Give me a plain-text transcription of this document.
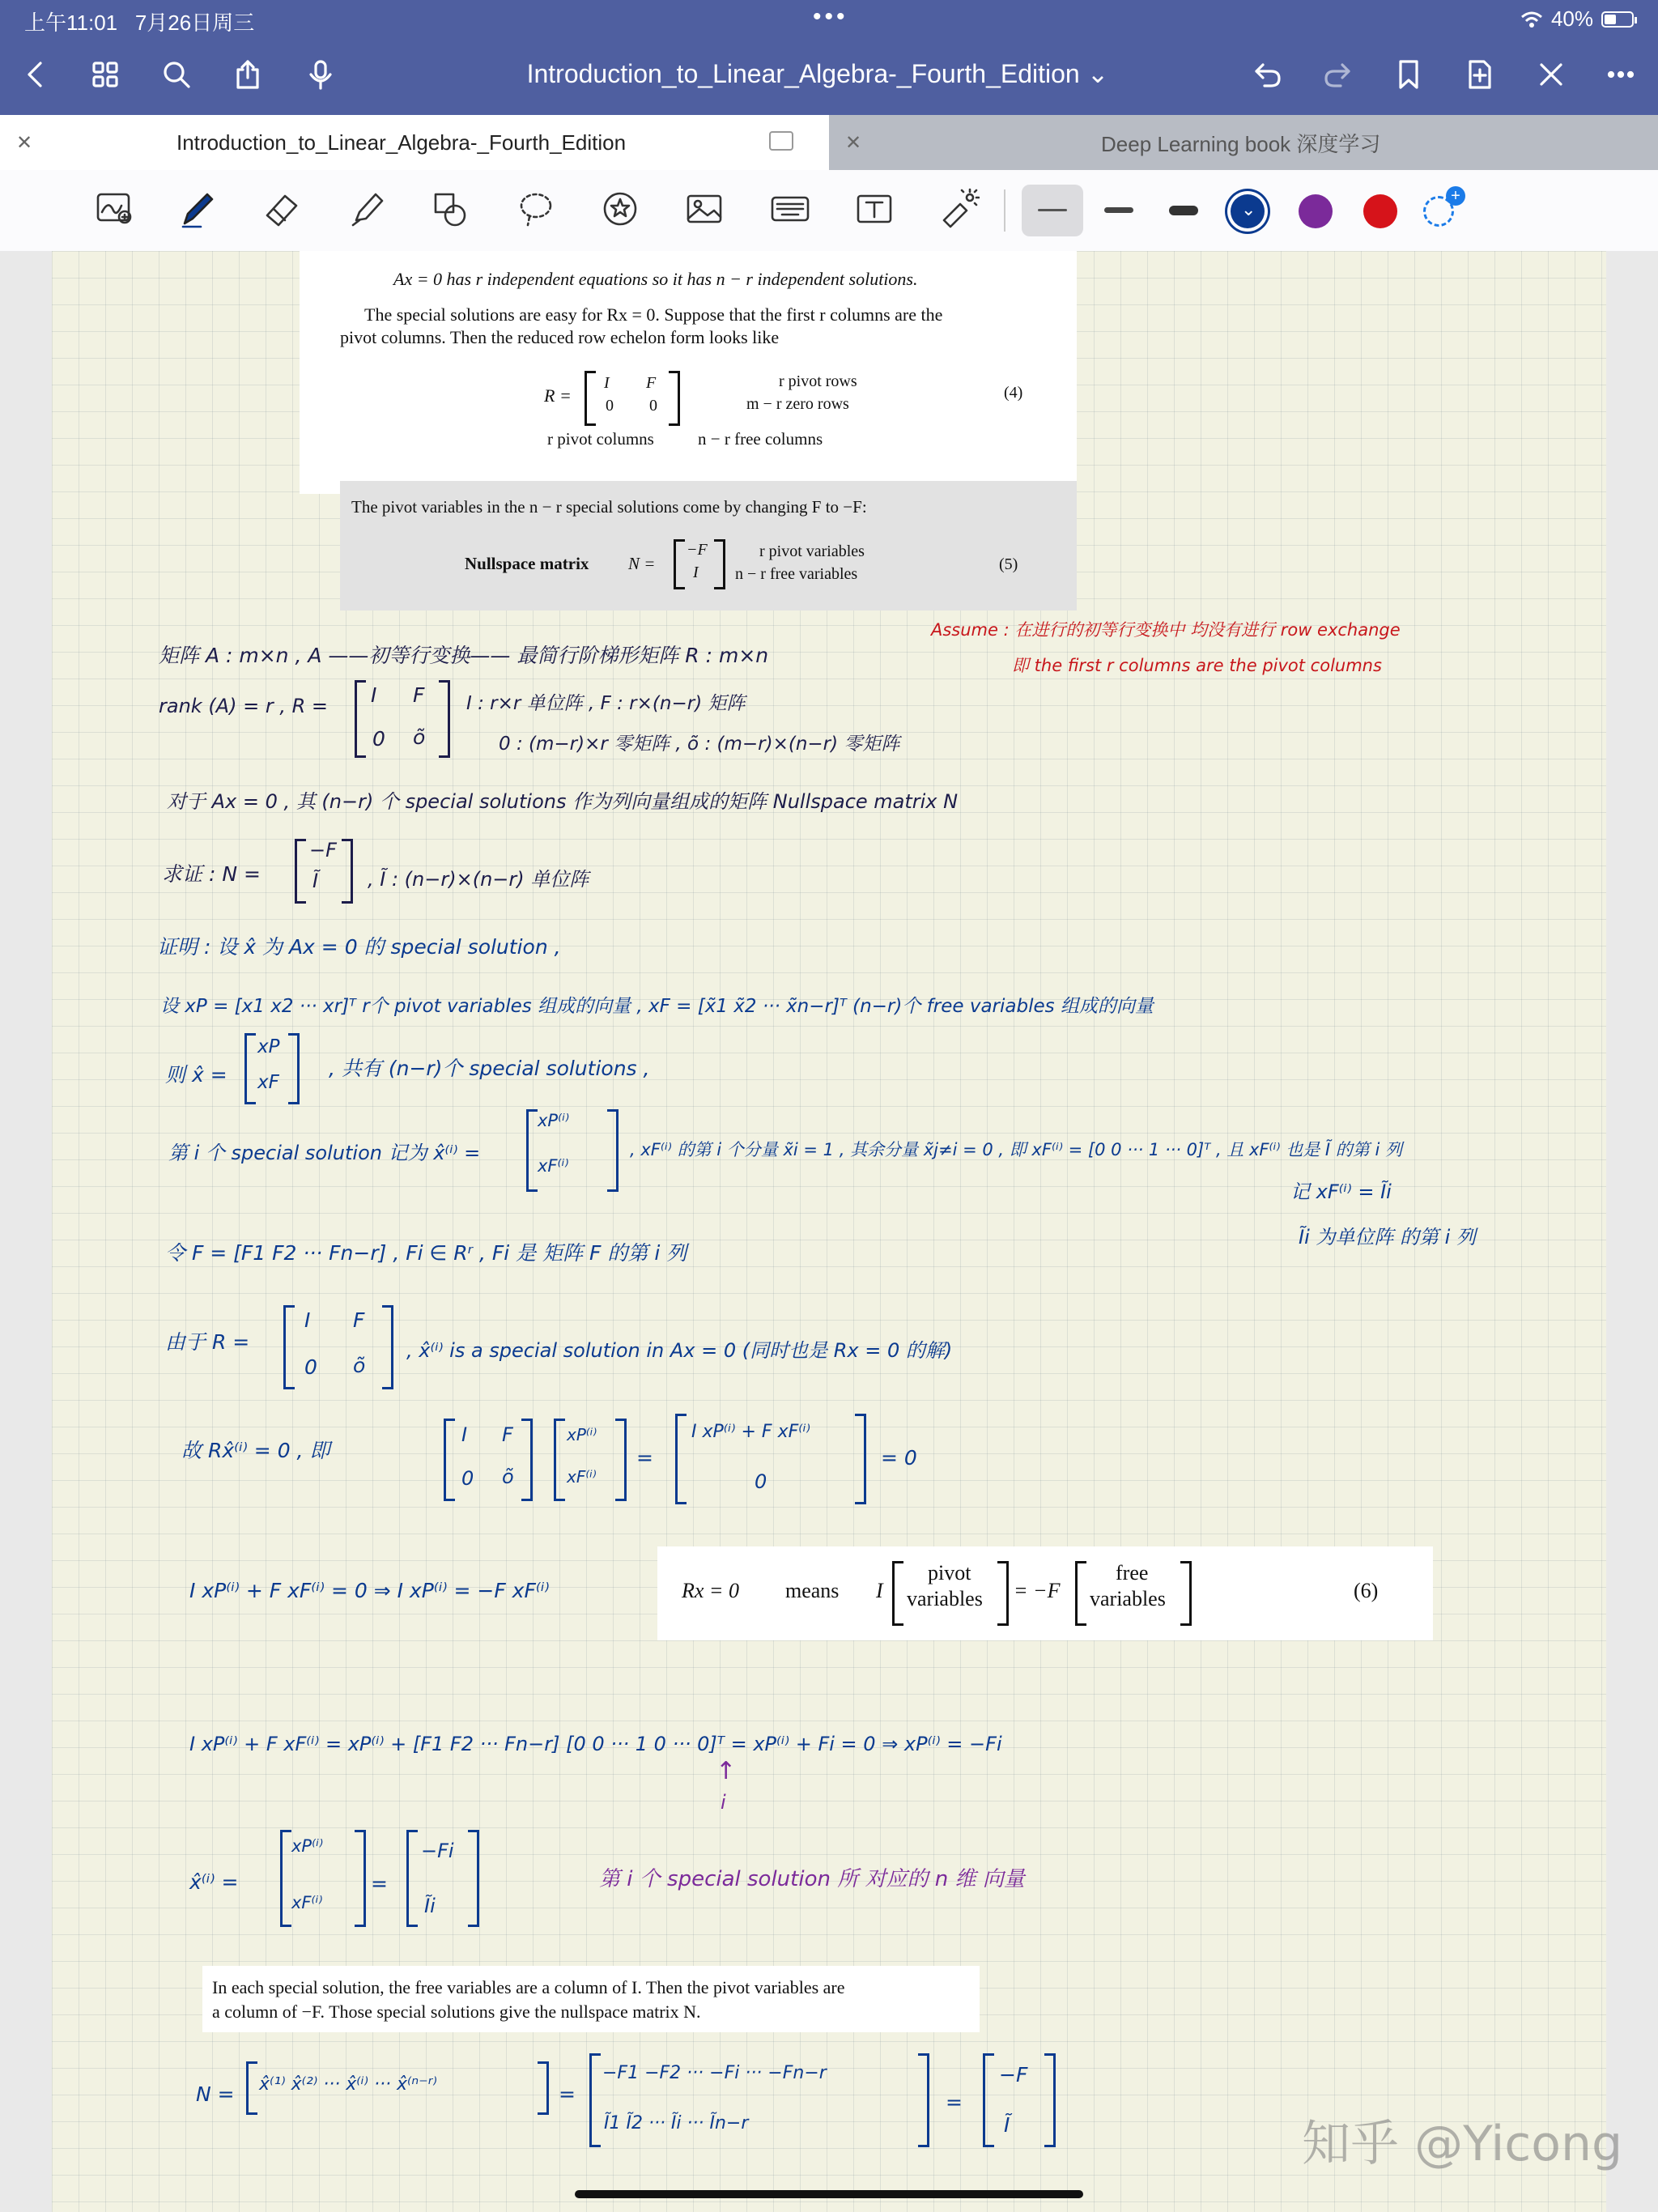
上午11:01 7月26日周三	•••	40%
Introduction_to_Linear_Algebra-_Fourth_Edition ⌄
✕	Introduction_to_Linear_Algebra-_Fourth_Edition	✕	Deep Learning book 深度学习
⌄
+
Ax = 0 has r independent equations so it has n − r independent solutions.
The special solutions are easy for Rx = 0. Suppose that the first r columns are the
pivot columns. Then the reduced row echelon form looks like
R =
I F
0 0
r pivot rows
m − r zero rows
(4)
r pivot columns	n − r free columns
The pivot variables in the n − r special solutions come by changing F to −F:
Nullspace matrix N =
−F
I
r pivot variables
n − r free variables
(5)
Assume : 在进行的初等行变换中 均没有进行 row exchange
即 the first r columns are the pivot columns
矩阵 A : m×n , A ——初等行变换—— 最简行阶梯形矩阵 R : m×n
rank (A) = r , R = I F
0 õ
I : r×r 单位阵 , F : r×(n−r) 矩阵
0 : (m−r)×r 零矩阵 , õ : (m−r)×(n−r) 零矩阵
对于 Ax = 0 , 其 (n−r) 个 special solutions 作为列向量组成的矩阵 Nullspace matrix N
求证 : N =
−F
Ĩ	, Ĩ : (n−r)×(n−r) 单位阵
证明 : 设 x̂ 为 Ax = 0 的 special solution ,
设 xP = [x1 x2 ··· xr]ᵀ r个 pivot variables 组成的向量 , xF = [x̃1 x̃2 ··· x̃n−r]ᵀ (n−r)个 free variables 组成的向量
则 x̂ =
xP
xF
, 共有 (n−r)个 special solutions ,
第 i 个 special solution 记为 x̂⁽ⁱ⁾ =
xP⁽ⁱ⁾
xF⁽ⁱ⁾
, xF⁽ⁱ⁾ 的第 i 个分量 x̃i = 1 , 其余分量 x̃j≠i = 0 , 即 xF⁽ⁱ⁾ = [0 0 ··· 1 ··· 0]ᵀ , 且 xF⁽ⁱ⁾ 也是 Ĩ 的第 i 列
记 xF⁽ⁱ⁾ = Ĩi
Ĩi 为单位阵 的第 i 列
令 F = [F1 F2 ··· Fn−r] , Fi ∈ Rʳ , Fi 是 矩阵 F 的第 i 列
由于 R =
I F
0 õ
, x̂⁽ⁱ⁾ is a special solution in Ax = 0 (同时也是 Rx = 0 的解)
故 Rx̂⁽ⁱ⁾ = 0 , 即
I F
0 õ
xP⁽ⁱ⁾
xF⁽ⁱ⁾
=
I xP⁽ⁱ⁾ + F xF⁽ⁱ⁾
0
= 0
I xP⁽ⁱ⁾ + F xF⁽ⁱ⁾ = 0 ⇒ I xP⁽ⁱ⁾ = −F xF⁽ⁱ⁾	Rx = 0 means I
pivot
variables = −F
free
variables	(6)
I xP⁽ⁱ⁾ + F xF⁽ⁱ⁾ = xP⁽ⁱ⁾ + [F1 F2 ··· Fn−r] [0 0 ··· 1 0 ··· 0]ᵀ = xP⁽ⁱ⁾ + Fi = 0 ⇒ xP⁽ⁱ⁾ = −Fi
↑
i
x̂⁽ⁱ⁾ =
xP⁽ⁱ⁾
xF⁽ⁱ⁾
=
−Fi
Ĩi
第 i 个 special solution 所 对应的 n 维 向量
In each special solution, the free variables are a column of I. Then the pivot variables are
a column of −F. Those special solutions give the nullspace matrix N.
N = x̂⁽¹⁾ x̂⁽²⁾ ··· x̂⁽ⁱ⁾ ··· x̂⁽ⁿ⁻ʳ⁾	=
−F1 −F2 ··· −Fi ··· −Fn−r
Ĩ1 Ĩ2 ··· Ĩi ··· Ĩn−r
=
−F
Ĩ	知乎 @Yicong
